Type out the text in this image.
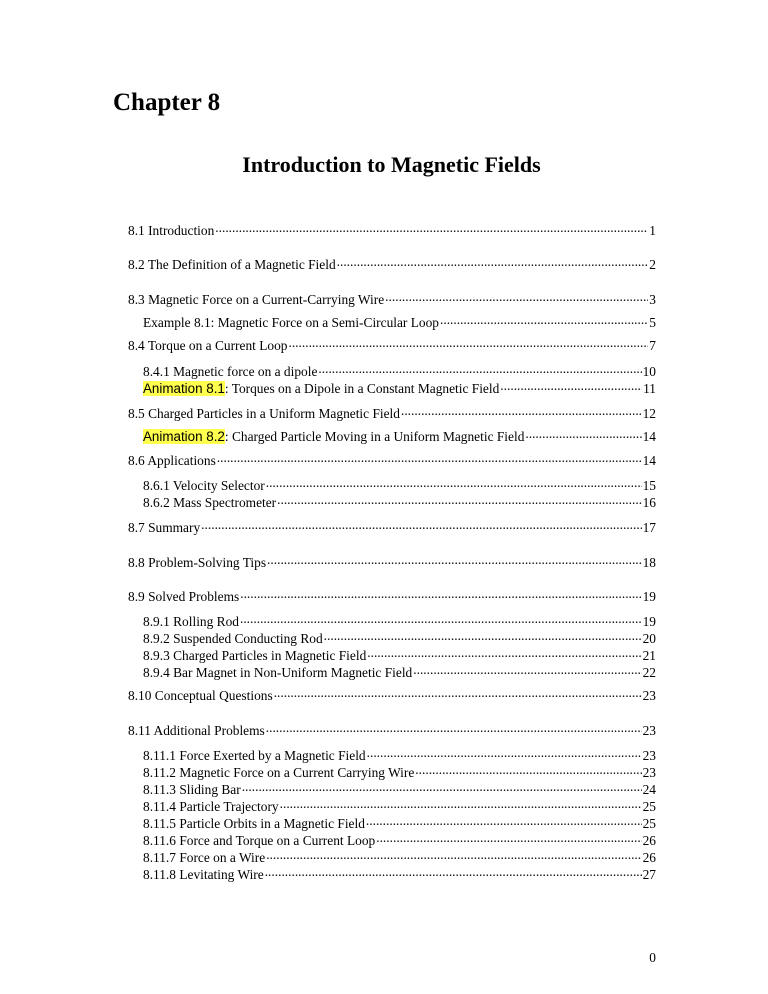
Chapter 8
Introduction to Magnetic Fields
8.1 Introduction .....	1
8.2 The Definition of a Magnetic Field .....	2
8.3 Magnetic Force on a Current-Carrying Wire .....	3
Example 8.1: Magnetic Force on a Semi-Circular Loop .....	5
8.4 Torque on a Current Loop .....	7
8.4.1 Magnetic force on a dipole .....	10
Animation 8.1: Torques on a Dipole in a Constant Magnetic Field .....	11
8.5 Charged Particles in a Uniform Magnetic Field .....	12
Animation 8.2: Charged Particle Moving in a Uniform Magnetic Field .....	14
8.6 Applications .....	14
8.6.1 Velocity Selector .....	15
8.6.2 Mass Spectrometer .....	16
8.7 Summary .....	17
8.8 Problem-Solving Tips .....	18
8.9 Solved Problems .....	19
8.9.1 Rolling Rod .....	19
8.9.2 Suspended Conducting Rod .....	20
8.9.3 Charged Particles in Magnetic Field .....	21
8.9.4 Bar Magnet in Non-Uniform Magnetic Field .....	22
8.10 Conceptual Questions .....	23
8.11 Additional Problems .....	23
8.11.1 Force Exerted by a Magnetic Field .....	23
8.11.2 Magnetic Force on a Current Carrying Wire .....	23
8.11.3 Sliding Bar .....	24
8.11.4 Particle Trajectory .....	25
8.11.5 Particle Orbits in a Magnetic Field .....	25
8.11.6 Force and Torque on a Current Loop .....	26
8.11.7 Force on a Wire .....	26
8.11.8 Levitating Wire .....	27
0
